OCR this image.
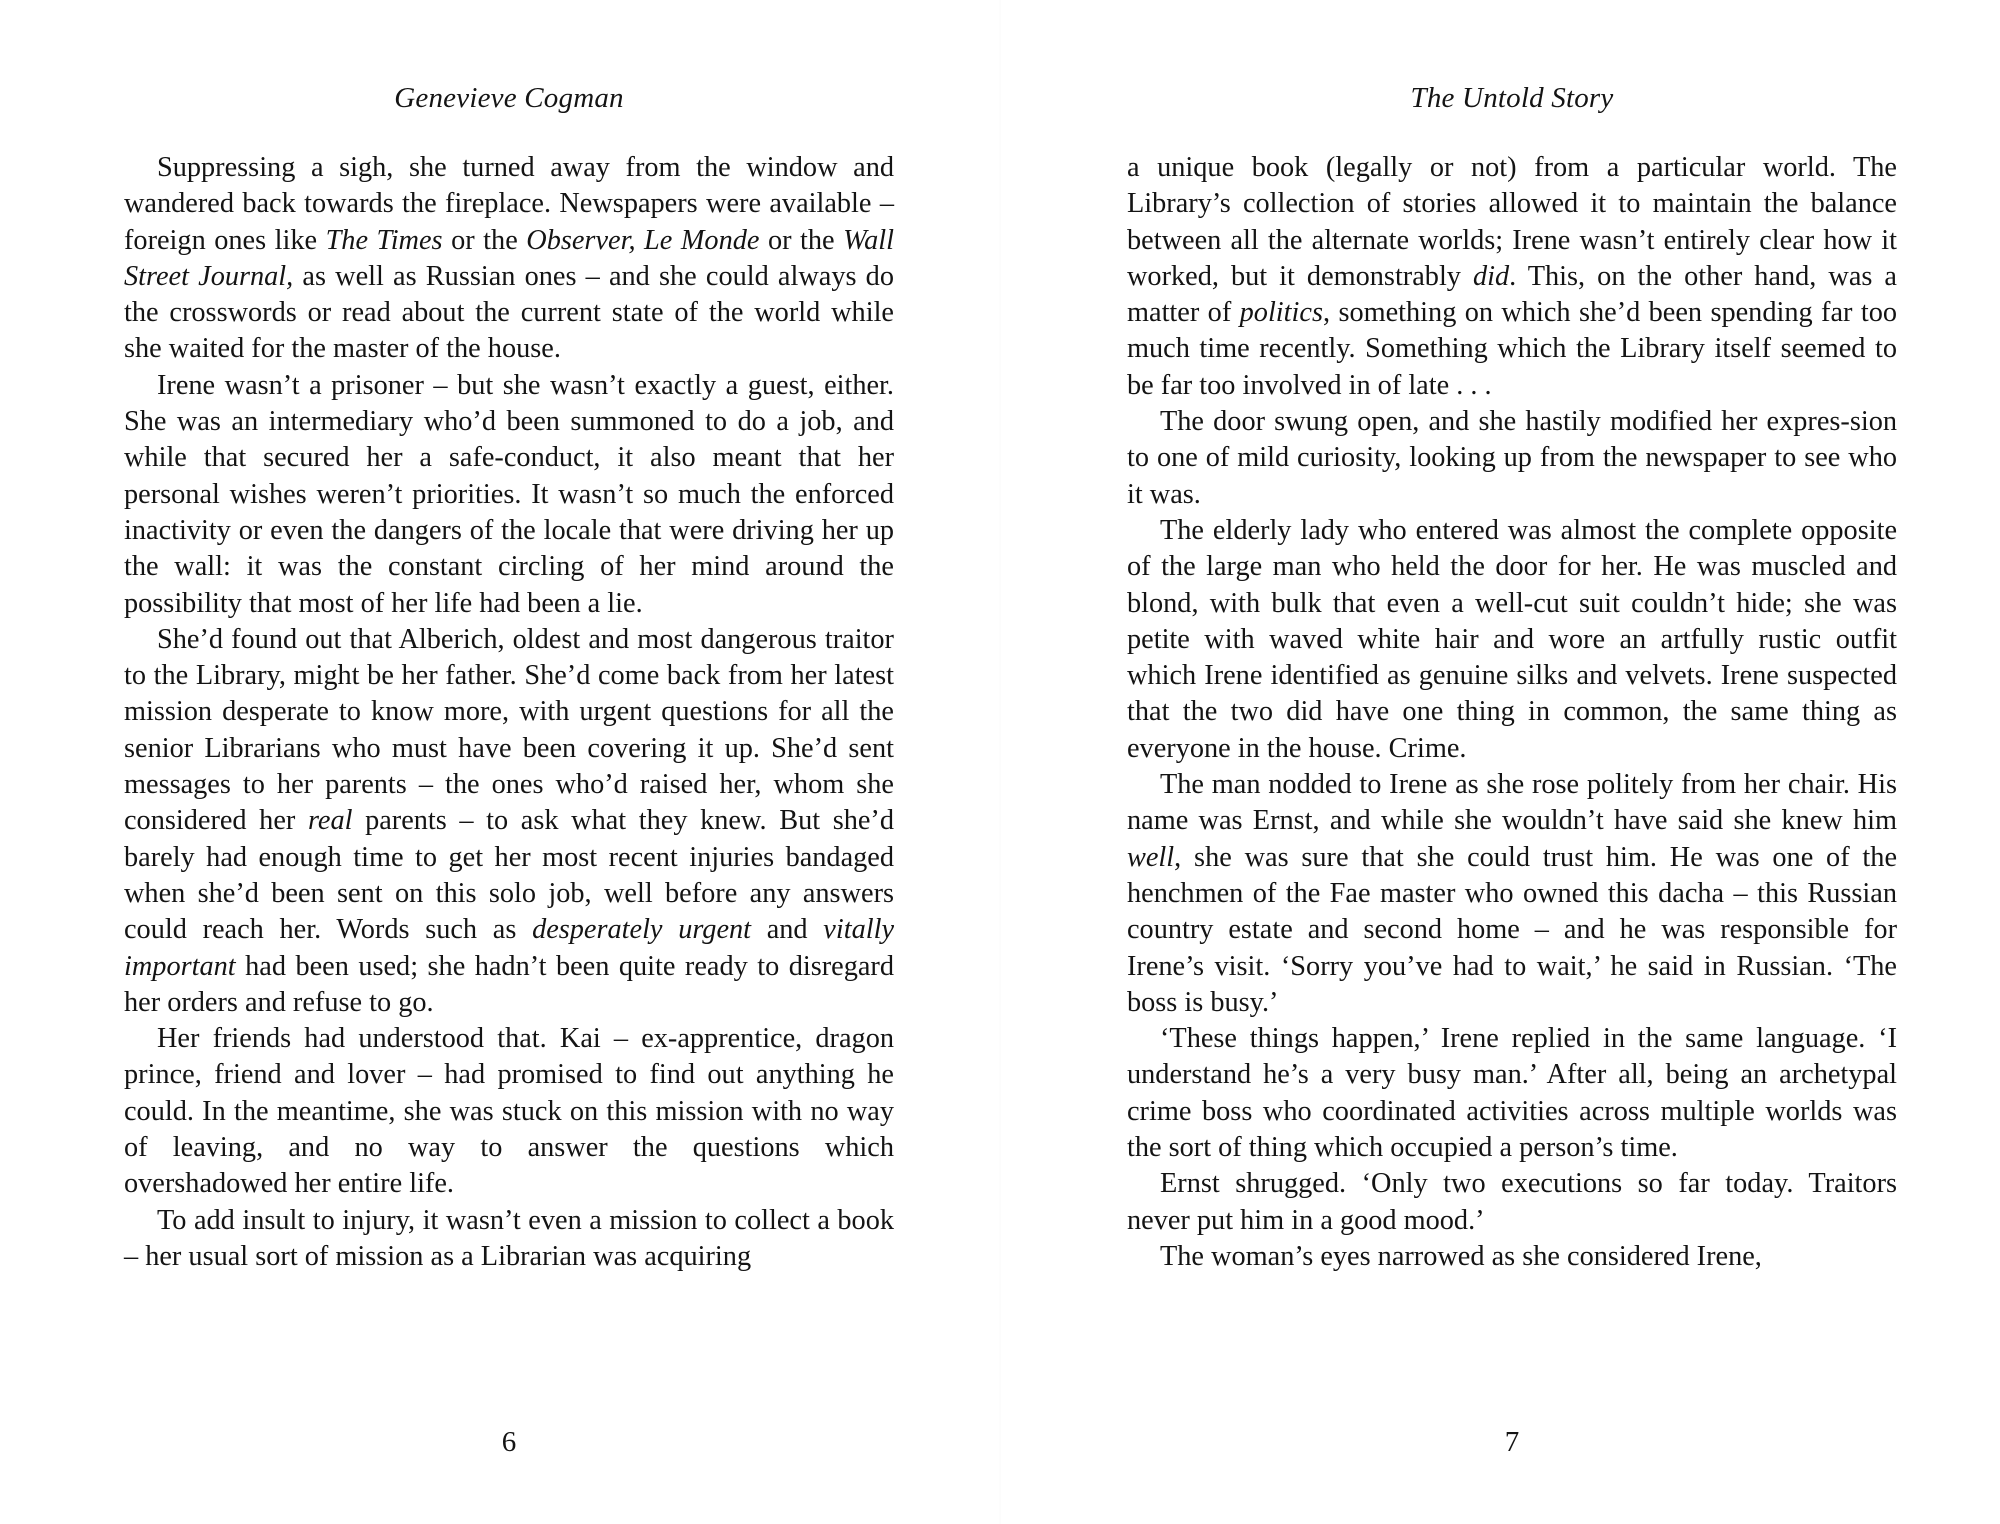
Genevieve Cogman

Suppressing a sigh, she turned away from the window and wandered back towards the fireplace. Newspapers were available – foreign ones like The Times or the Observer, Le Monde or the Wall Street Journal, as well as Russian ones – and she could always do the crosswords or read about the current state of the world while she waited for the master of the house.

Irene wasn’t a prisoner – but she wasn’t exactly a guest, either. She was an intermediary who’d been summoned to do a job, and while that secured her a safe-conduct, it also meant that her personal wishes weren’t priorities. It wasn’t so much the enforced inactivity or even the dangers of the locale that were driving her up the wall: it was the constant circling of her mind around the possibility that most of her life had been a lie.

She’d found out that Alberich, oldest and most dangerous traitor to the Library, might be her father. She’d come back from her latest mission desperate to know more, with urgent questions for all the senior Librarians who must have been covering it up. She’d sent messages to her parents – the ones who’d raised her, whom she considered her real parents – to ask what they knew. But she’d barely had enough time to get her most recent injuries bandaged when she’d been sent on this solo job, well before any answers could reach her. Words such as desperately urgent and vitally important had been used; she hadn’t been quite ready to disregard her orders and refuse to go.

Her friends had understood that. Kai – ex-apprentice, dragon prince, friend and lover – had promised to find out anything he could. In the meantime, she was stuck on this mission with no way of leaving, and no way to answer the questions which overshadowed her entire life.

To add insult to injury, it wasn’t even a mission to collect a book – her usual sort of mission as a Librarian was acquiring

6
The Untold Story

a unique book (legally or not) from a particular world. The Library’s collection of stories allowed it to maintain the balance between all the alternate worlds; Irene wasn’t entirely clear how it worked, but it demonstrably did. This, on the other hand, was a matter of politics, something on which she’d been spending far too much time recently. Something which the Library itself seemed to be far too involved in of late . . .

The door swung open, and she hastily modified her expres-sion to one of mild curiosity, looking up from the newspaper to see who it was.

The elderly lady who entered was almost the complete opposite of the large man who held the door for her. He was muscled and blond, with bulk that even a well-cut suit couldn’t hide; she was petite with waved white hair and wore an artfully rustic outfit which Irene identified as genuine silks and velvets. Irene suspected that the two did have one thing in common, the same thing as everyone in the house. Crime.

The man nodded to Irene as she rose politely from her chair. His name was Ernst, and while she wouldn’t have said she knew him well, she was sure that she could trust him. He was one of the henchmen of the Fae master who owned this dacha – this Russian country estate and second home – and he was responsible for Irene’s visit. ‘Sorry you’ve had to wait,’ he said in Russian. ‘The boss is busy.’

‘These things happen,’ Irene replied in the same language. ‘I understand he’s a very busy man.’ After all, being an archetypal crime boss who coordinated activities across multiple worlds was the sort of thing which occupied a person’s time.

Ernst shrugged. ‘Only two executions so far today. Traitors never put him in a good mood.’

The woman’s eyes narrowed as she considered Irene,

7
